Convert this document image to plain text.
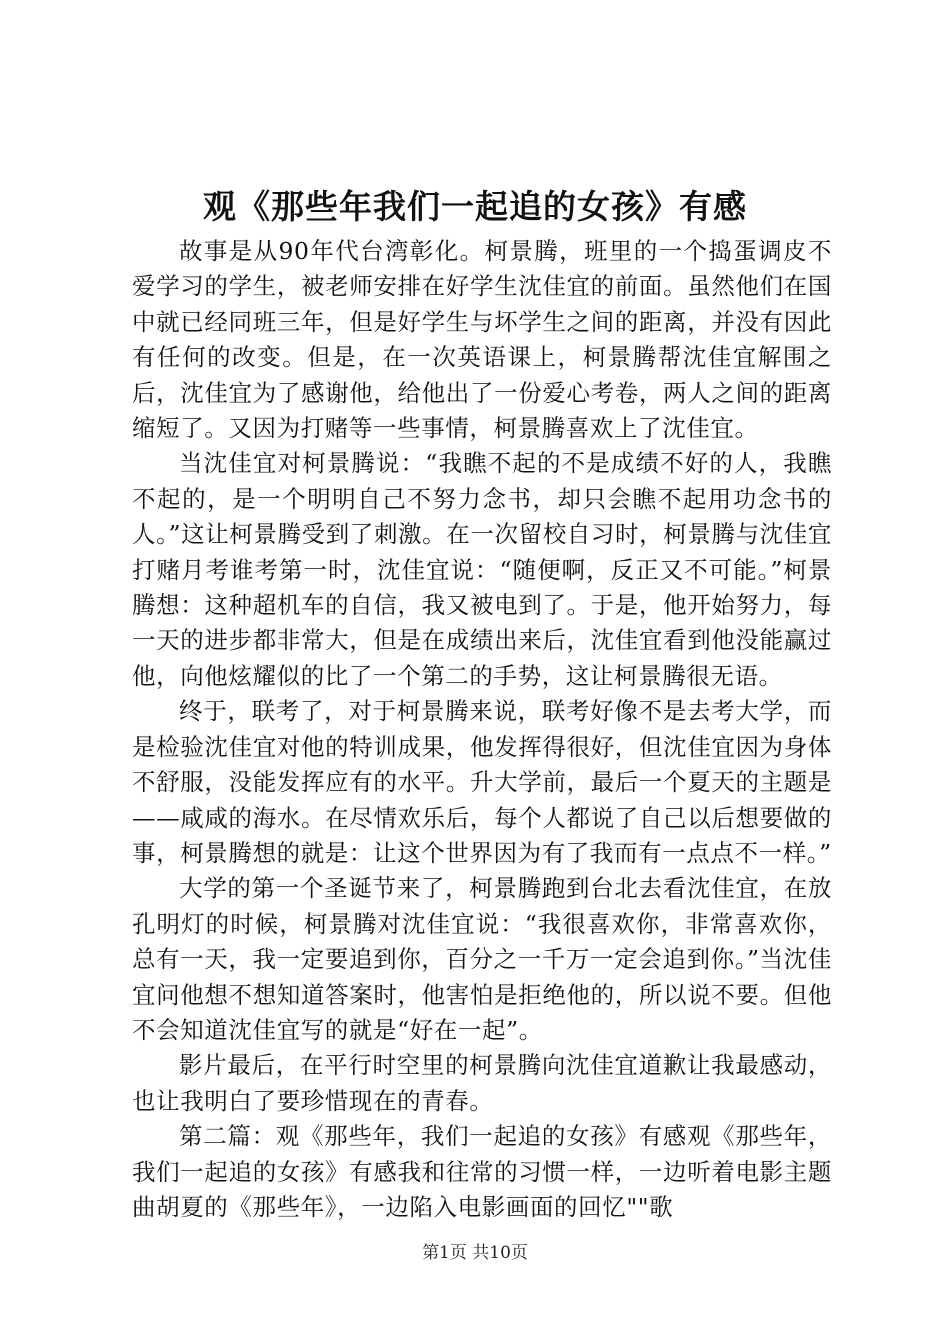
观《那些年我们一起追的女孩》有感

故事是从90年代台湾彰化。柯景腾，班里的一个捣蛋调皮不爱学习的学生，被老师安排在好学生沈佳宜的前面。虽然他们在国中就已经同班三年，但是好学生与坏学生之间的距离，并没有因此有任何的改变。但是，在一次英语课上，柯景腾帮沈佳宜解围之后，沈佳宜为了感谢他，给他出了一份爱心考卷，两人之间的距离缩短了。又因为打赌等一些事情，柯景腾喜欢上了沈佳宜。

当沈佳宜对柯景腾说：“我瞧不起的不是成绩不好的人，我瞧不起的，是一个明明自己不努力念书，却只会瞧不起用功念书的人。”这让柯景腾受到了刺激。在一次留校自习时，柯景腾与沈佳宜打赌月考谁考第一时，沈佳宜说：“随便啊，反正又不可能。”柯景腾想：这种超机车的自信，我又被电到了。于是，他开始努力，每一天的进步都非常大，但是在成绩出来后，沈佳宜看到他没能赢过他，向他炫耀似的比了一个第二的手势，这让柯景腾很无语。

终于，联考了，对于柯景腾来说，联考好像不是去考大学，而是检验沈佳宜对他的特训成果，他发挥得很好，但沈佳宜因为身体不舒服，没能发挥应有的水平。升大学前，最后一个夏天的主题是——咸咸的海水。在尽情欢乐后，每个人都说了自己以后想要做的事，柯景腾想的就是：让这个世界因为有了我而有一点点不一样。”

大学的第一个圣诞节来了，柯景腾跑到台北去看沈佳宜，在放孔明灯的时候，柯景腾对沈佳宜说：“我很喜欢你，非常喜欢你，总有一天，我一定要追到你，百分之一千万一定会追到你。”当沈佳宜问他想不想知道答案时，他害怕是拒绝他的，所以说不要。但他不会知道沈佳宜写的就是“好在一起”。

影片最后，在平行时空里的柯景腾向沈佳宜道歉让我最感动，也让我明白了要珍惜现在的青春。

第二篇：观《那些年，我们一起追的女孩》有感观《那些年，我们一起追的女孩》有感我和往常的习惯一样，一边听着电影主题曲胡夏的《那些年》，一边陷入电影画面的回忆""歌

第1页 共10页
